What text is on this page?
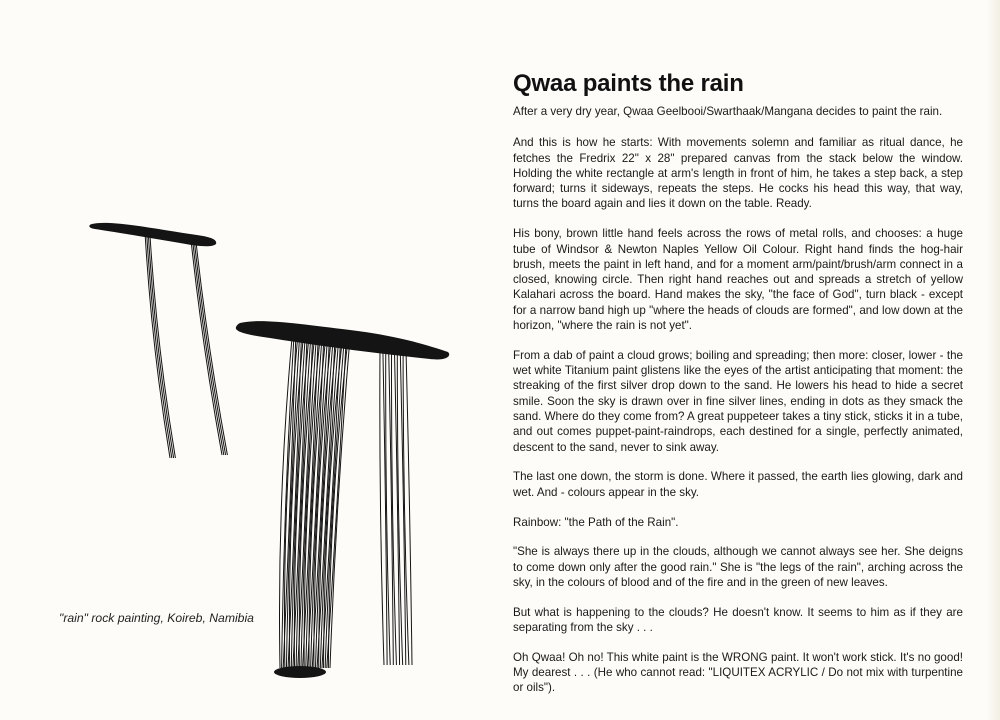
"rain" rock painting, Koireb, Namibia
Qwaa paints the rain

After a very dry year, Qwaa Geelbooi/Swarthaak/Mangana decides to paint the rain.

And this is how he starts: With movements solemn and familiar as ritual dance, he fetches the Fredrix 22" x 28" prepared canvas from the stack below the window. Holding the white rectangle at arm's length in front of him, he takes a step back, a step forward; turns it sideways, repeats the steps. He cocks his head this way, that way, turns the board again and lies it down on the table. Ready.

His bony, brown little hand feels across the rows of metal rolls, and chooses: a huge tube of Windsor & Newton Naples Yellow Oil Colour. Right hand finds the hog-hair brush, meets the paint in left hand, and for a moment arm/paint/brush/arm connect in a closed, knowing circle. Then right hand reaches out and spreads a stretch of yellow Kalahari across the board. Hand makes the sky, "the face of God", turn black - except for a narrow band high up "where the heads of clouds are formed", and low down at the horizon, "where the rain is not yet".

From a dab of paint a cloud grows; boiling and spreading; then more: closer, lower - the wet white Titanium paint glistens like the eyes of the artist anticipating that moment: the streaking of the first silver drop down to the sand. He lowers his head to hide a secret smile. Soon the sky is drawn over in fine silver lines, ending in dots as they smack the sand. Where do they come from? A great puppeteer takes a tiny stick, sticks it in a tube, and out comes puppet-paint-raindrops, each destined for a single, perfectly animated, descent to the sand, never to sink away.

The last one down, the storm is done. Where it passed, the earth lies glowing, dark and wet. And - colours appear in the sky.

Rainbow: "the Path of the Rain".

"She is always there up in the clouds, although we cannot always see her. She deigns to come down only after the good rain." She is "the legs of the rain", arching across the sky, in the colours of blood and of the fire and in the green of new leaves.

But what is happening to the clouds? He doesn't know. It seems to him as if they are separating from the sky . . .

Oh Qwaa! Oh no! This white paint is the WRONG paint. It won't work stick. It's no good! My dearest . . . (He who cannot read: "LIQUITEX ACRYLIC / Do not mix with turpentine or oils").
